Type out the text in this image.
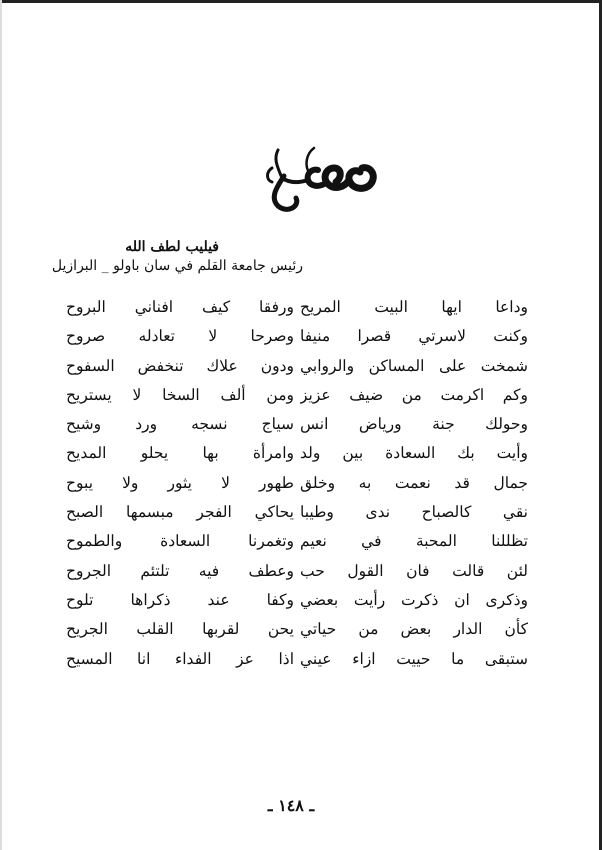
فيليب لطف الله
رئيس جامعة القلم في سان باولو _ البرازيل
وداعا ايها البيت المريح
ورفقا كيف افناني البروح
وكنت لاسرتي قصرا منيفا
وصرحا لا تعادله صروح
شمخت على المساكن والروابي
ودون علاك تنخفض السفوح
وكم اكرمت من ضيف عزيز
ومن ألف السخا لا يستريح
وحولك جنة ورياض انس
سياج نسجه ورد وشيح
وأيت بك السعادة بين ولد
وامرأة بها يحلو المديح
جمال قد نعمت به وخلق
طهور لا يثور ولا يبوح
نقي كالصباح ندى وطيبا
يحاكي الفجر مبسمها الصبح
تظللنا المحبة في نعيم
وتغمرنا السعادة والطموح
لئن قالت فان القول حب
وعطف فيه تلتئم الجروح
وذكرى ان ذكرت رأيت بعضي
وكفا عند ذكراها تلوح
كأن الدار بعض من حياتي
يحن لقربها القلب الجريح
ستبقى ما حييت ازاء عيني
اذا عز الفداء انا المسيح
ـ ١٤٨ ـ
